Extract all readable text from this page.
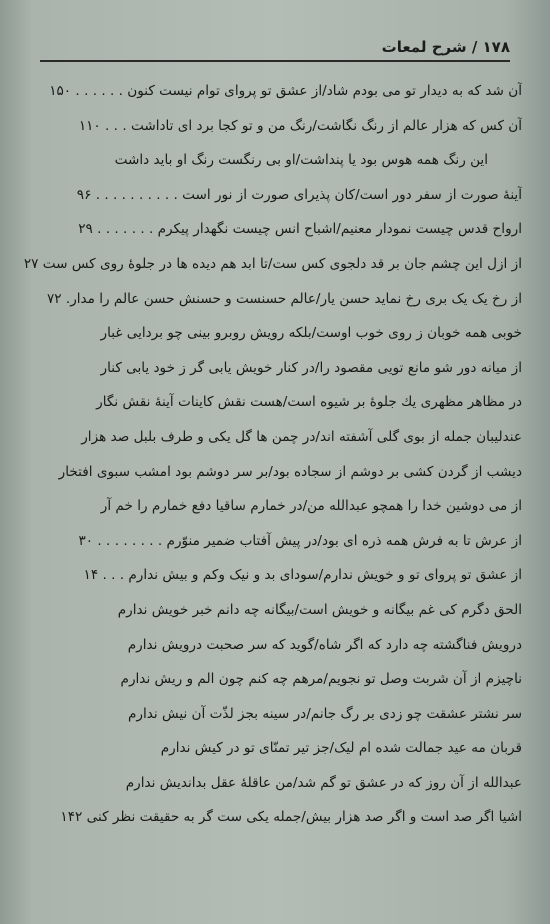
۱۷۸ / شرح لمعات
آن شد که به دیدار تو می بودم شاد/از عشق تو پروای توام نیست کنون . . . . . . ۱۵۰
آن کس که هزار عالم از رنگ نگاشت/رنگ من و تو کجا برد ای تاداشت . . . ۱۱۰
این رنگ همه هوس بود یا پنداشت/او بی رنگست رنگ او باید داشت
آینهٔ صورت از سفر دور است/کان پذیرای صورت از نور است . . . . . . . . . . ۹۶
ارواح قدس چیست نمودار معنیم/اشباح انس چیست نگهدار پیکرم . . . . . . . ۲۹
از ازل این چشم جان بر قد دلجوی کس ست/تا ابد هم دیده ها در جلوهٔ روی کس ست ۲۷
از رخ یک یک بری رخ نماید حسن یار/عالم حسنست و حسنش حسن عالم را مدار. ۷۲
خوبی همه خوبان ز روی خوب اوست/بلکه رویش روبرو بینی چو بردایی غبار
از میانه دور شو مانع تویی مقصود را/در کنار خویش یابی گر ز خود یابی کنار
در مظاهر مظهری یك جلوهٔ بر شیوه است/هست نقش کاینات آینهٔ نقش نگار
عندلیبان جمله از بوی گلی آشفته اند/در چمن ها گل یکی و طرف بلبل صد هزار
دیشب از گردن کشی بر دوشم از سجاده بود/بر سر دوشم بود امشب سبوی افتخار
از می دوشین خدا را همچو عبدالله من/در خمارم ساقیا دفع خمارم را خم آر
از عرش تا به فرش همه ذره ای بود/در پیش آفتاب ضمیر منوّرم . . . . . . . . ۳۰
از عشق تو پروای تو و خویش ندارم/سودای بد و نیک وکم و بیش ندارم . . . ۱۴
الحق دگرم کی غم بیگانه و خویش است/بیگانه چه دانم خبر خویش ندارم
درویش فناگشته چه دارد که اگر شاه/گوید که سر صحبت درویش ندارم
ناچیزم از آن شربت وصل تو نجویم/مرهم چه کنم چون الم و ریش ندارم
سر نشتر عشقت چو زدی بر رگ جانم/در سینه بجز لذّت آن نیش ندارم
قربان مه عید جمالت شده ام لیک/جز تیر تمنّای تو در کیش ندارم
عبدالله از آن روز که در عشق تو گم شد/من عاقلهٔ عقل بداندیش ندارم
اشیا اگر صد است و اگر صد هزار بیش/جمله یکی ست گر به حقیقت نظر کنی ۱۴۲
